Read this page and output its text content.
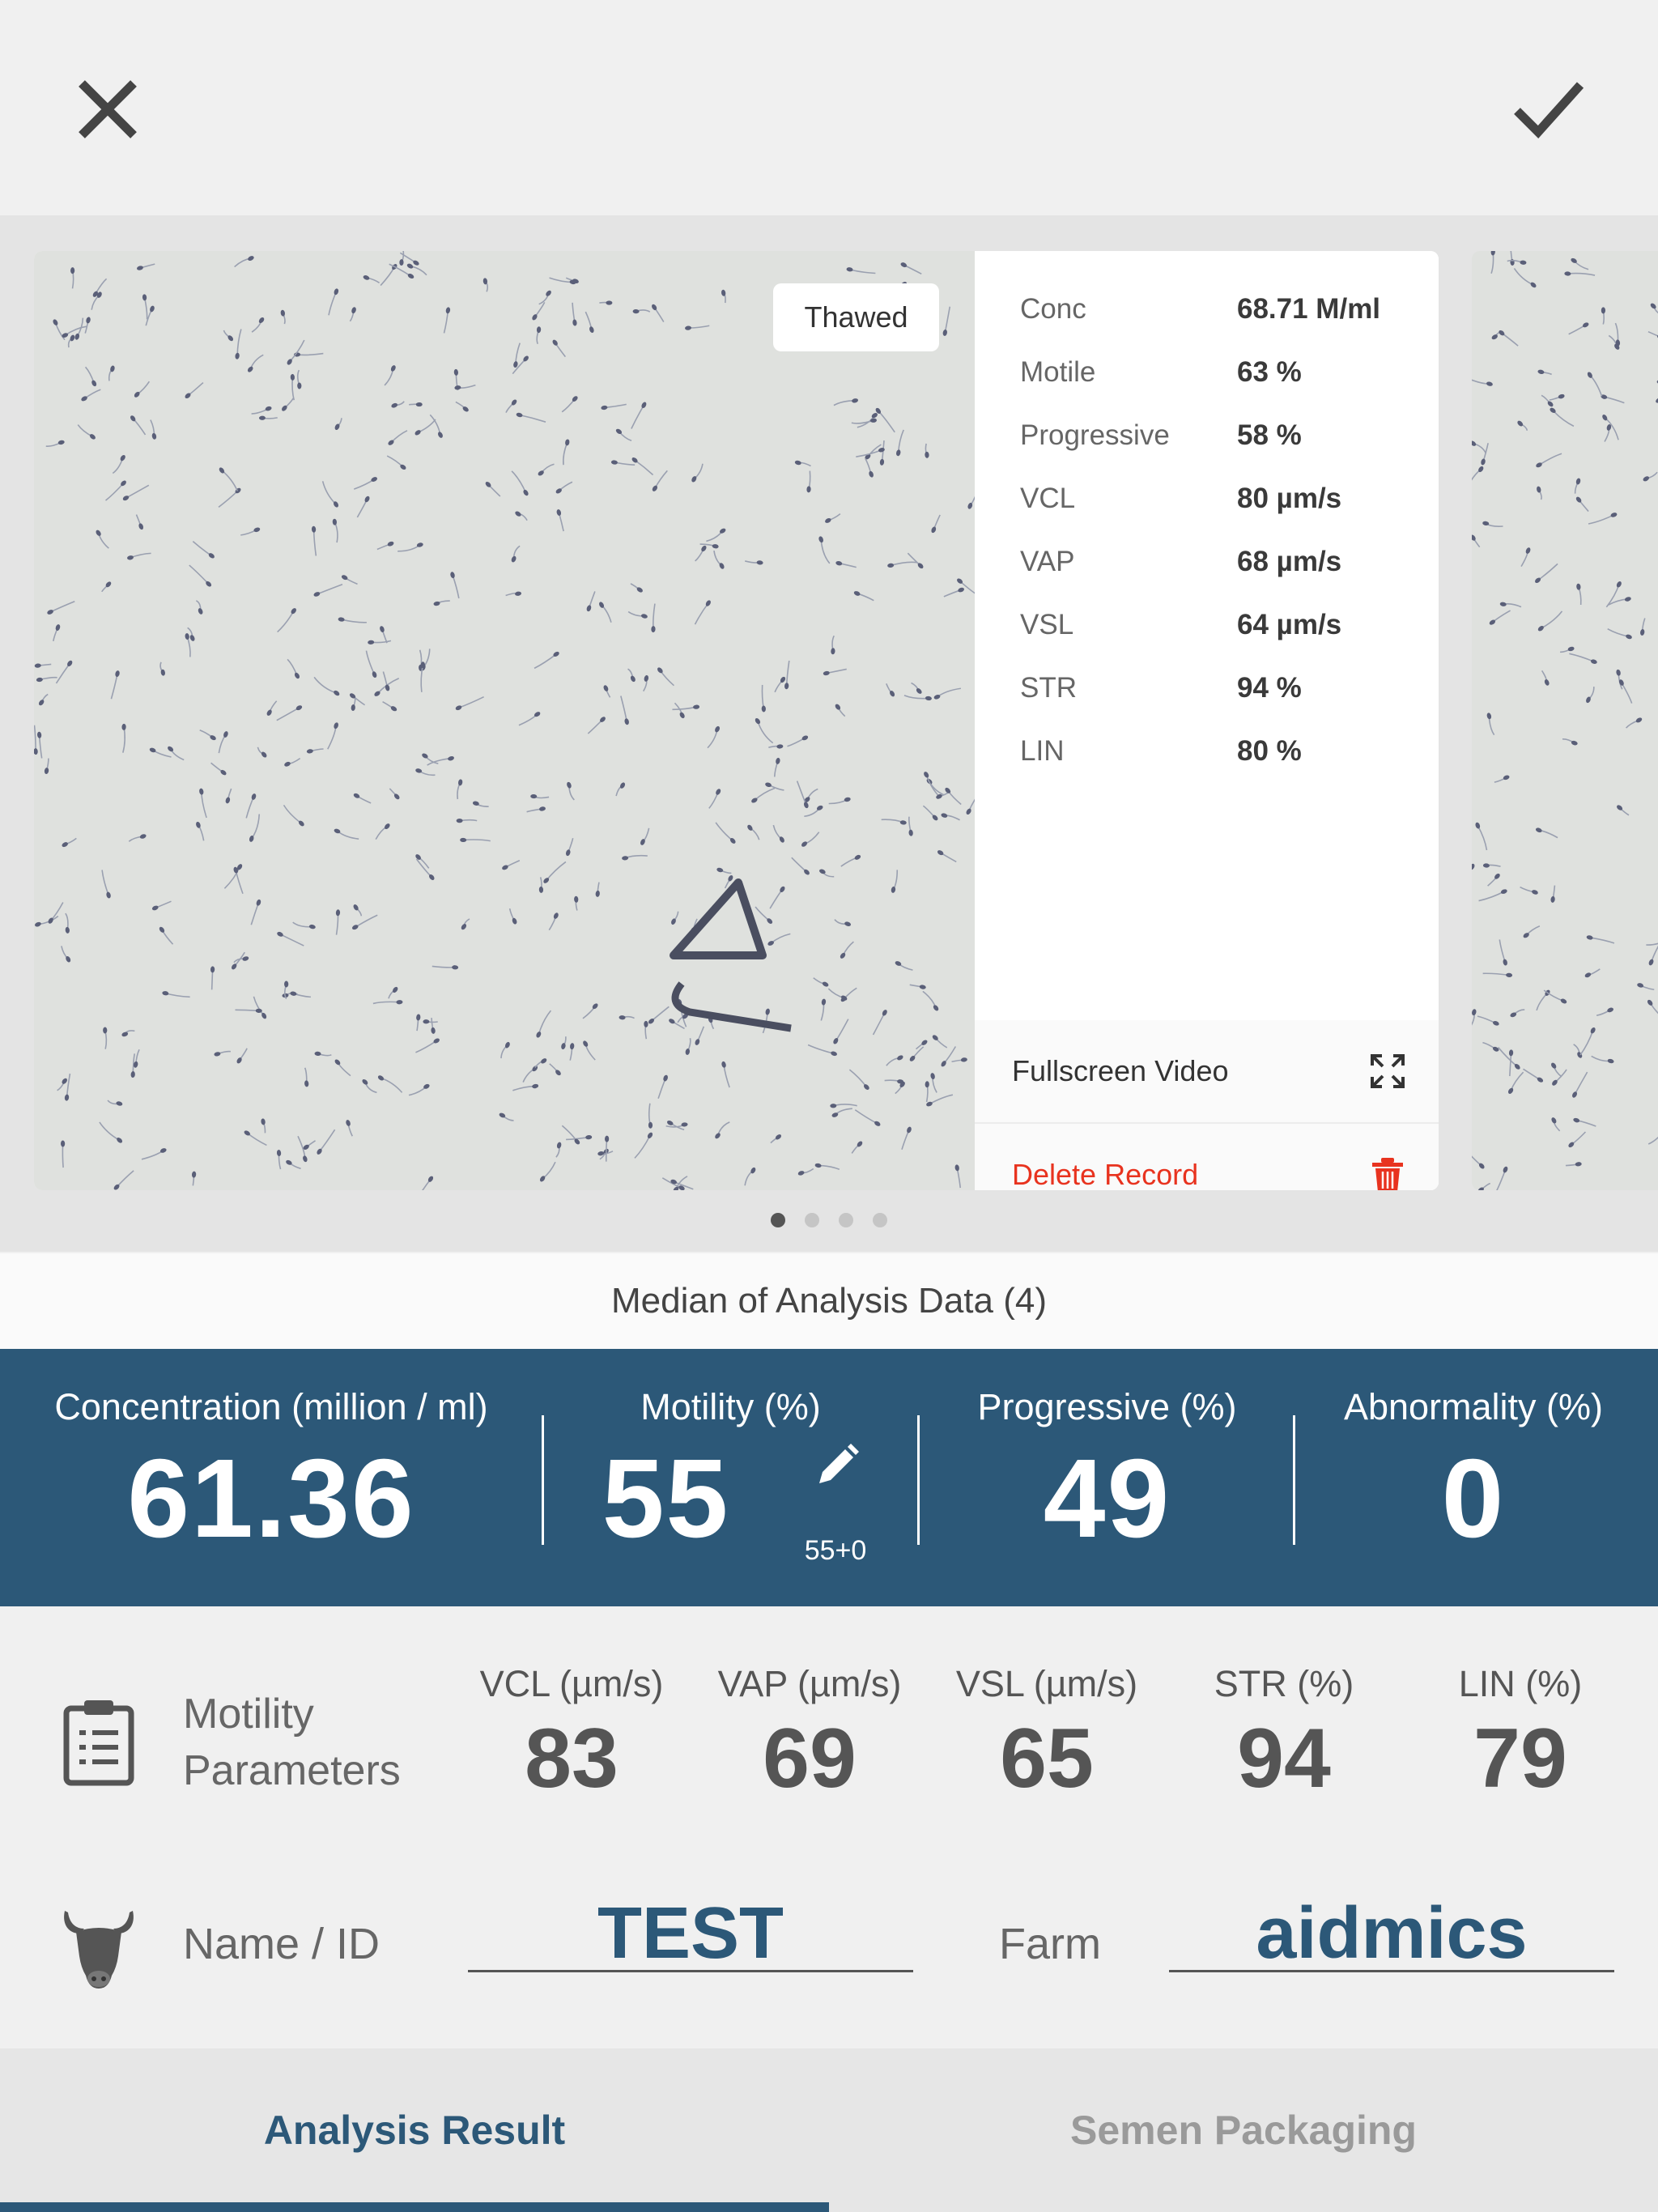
Thawed	Conc	68.71 M/ml
Motile	63 %
Progressive	58 %
VCL	80 µm/s
VAP	68 µm/s
VSL	64 µm/s
STR	94 %
LIN	80 %
Fullscreen Video
Delete Record
Median of Analysis Data (4)
Concentration (million / ml)
61.36
Motility (%)
55	55+0
Progressive (%)
49
Abnormality (%)
0
Motility
Parameters
VCL (µm/s)
83
VAP (µm/s)
69
VSL (µm/s)
65
STR (%)
94
LIN (%)
79
Name / ID	TEST	Farm	aidmics
Analysis Result	Semen Packaging
